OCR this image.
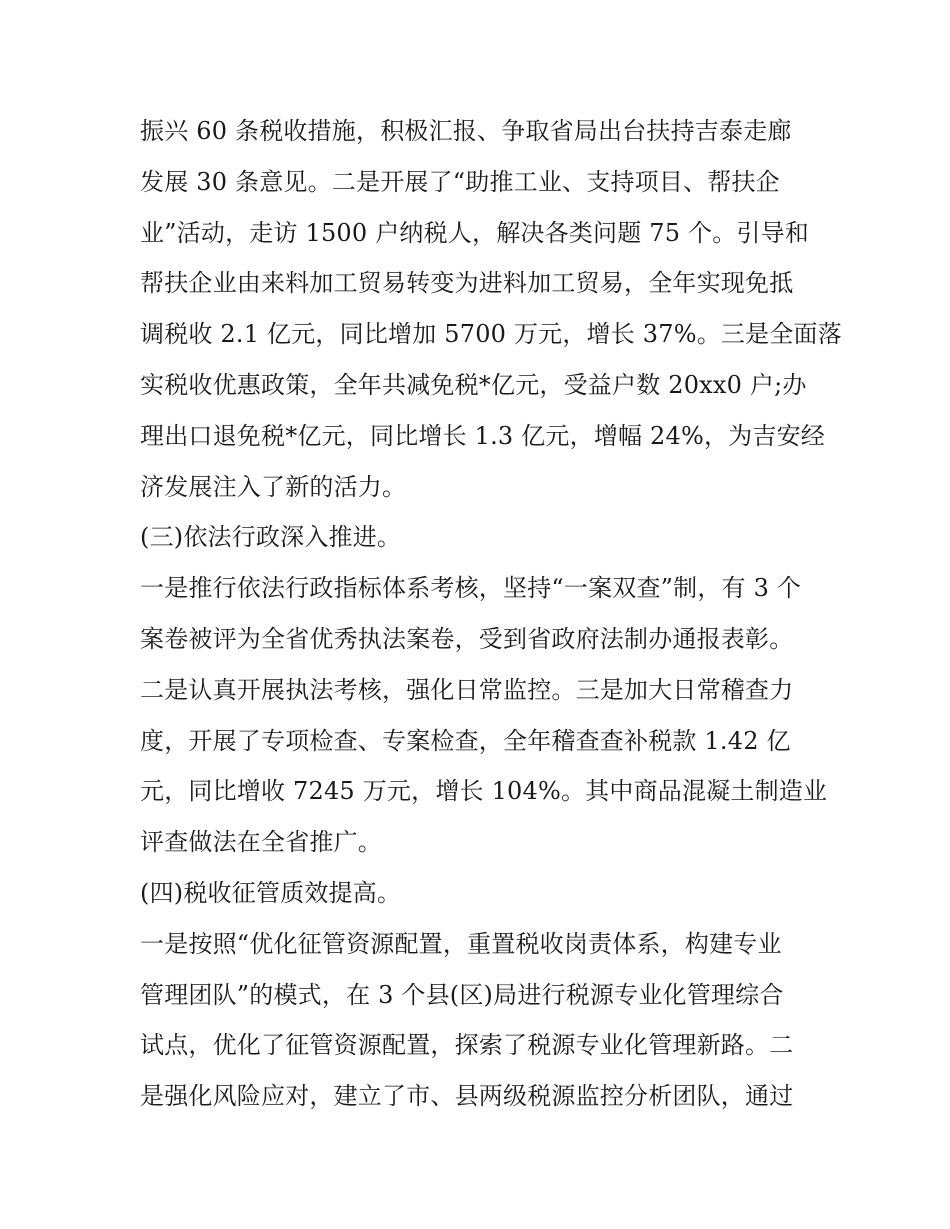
振兴 60 条税收措施，积极汇报、争取省局出台扶持吉泰走廊
发展 30 条意见。二是开展了“助推工业、支持项目、帮扶企
业”活动，走访 1500 户纳税人，解决各类问题 75 个。引导和
帮扶企业由来料加工贸易转变为进料加工贸易，全年实现免抵
调税收 2.1 亿元，同比增加 5700 万元，增长 37%。三是全面落
实税收优惠政策，全年共减免税*亿元，受益户数 20xx0 户;办
理出口退免税*亿元，同比增长 1.3 亿元，增幅 24%，为吉安经
济发展注入了新的活力。
(三)依法行政深入推进。
一是推行依法行政指标体系考核，坚持“一案双查”制，有 3 个
案卷被评为全省优秀执法案卷，受到省政府法制办通报表彰。
二是认真开展执法考核，强化日常监控。三是加大日常稽查力
度，开展了专项检查、专案检查，全年稽查查补税款 1.42 亿
元，同比增收 7245 万元，增长 104%。其中商品混凝土制造业
评查做法在全省推广。
(四)税收征管质效提高。
一是按照“优化征管资源配置，重置税收岗责体系，构建专业
管理团队”的模式，在 3 个县(区)局进行税源专业化管理综合
试点，优化了征管资源配置，探索了税源专业化管理新路。二
是强化风险应对，建立了市、县两级税源监控分析团队，通过
